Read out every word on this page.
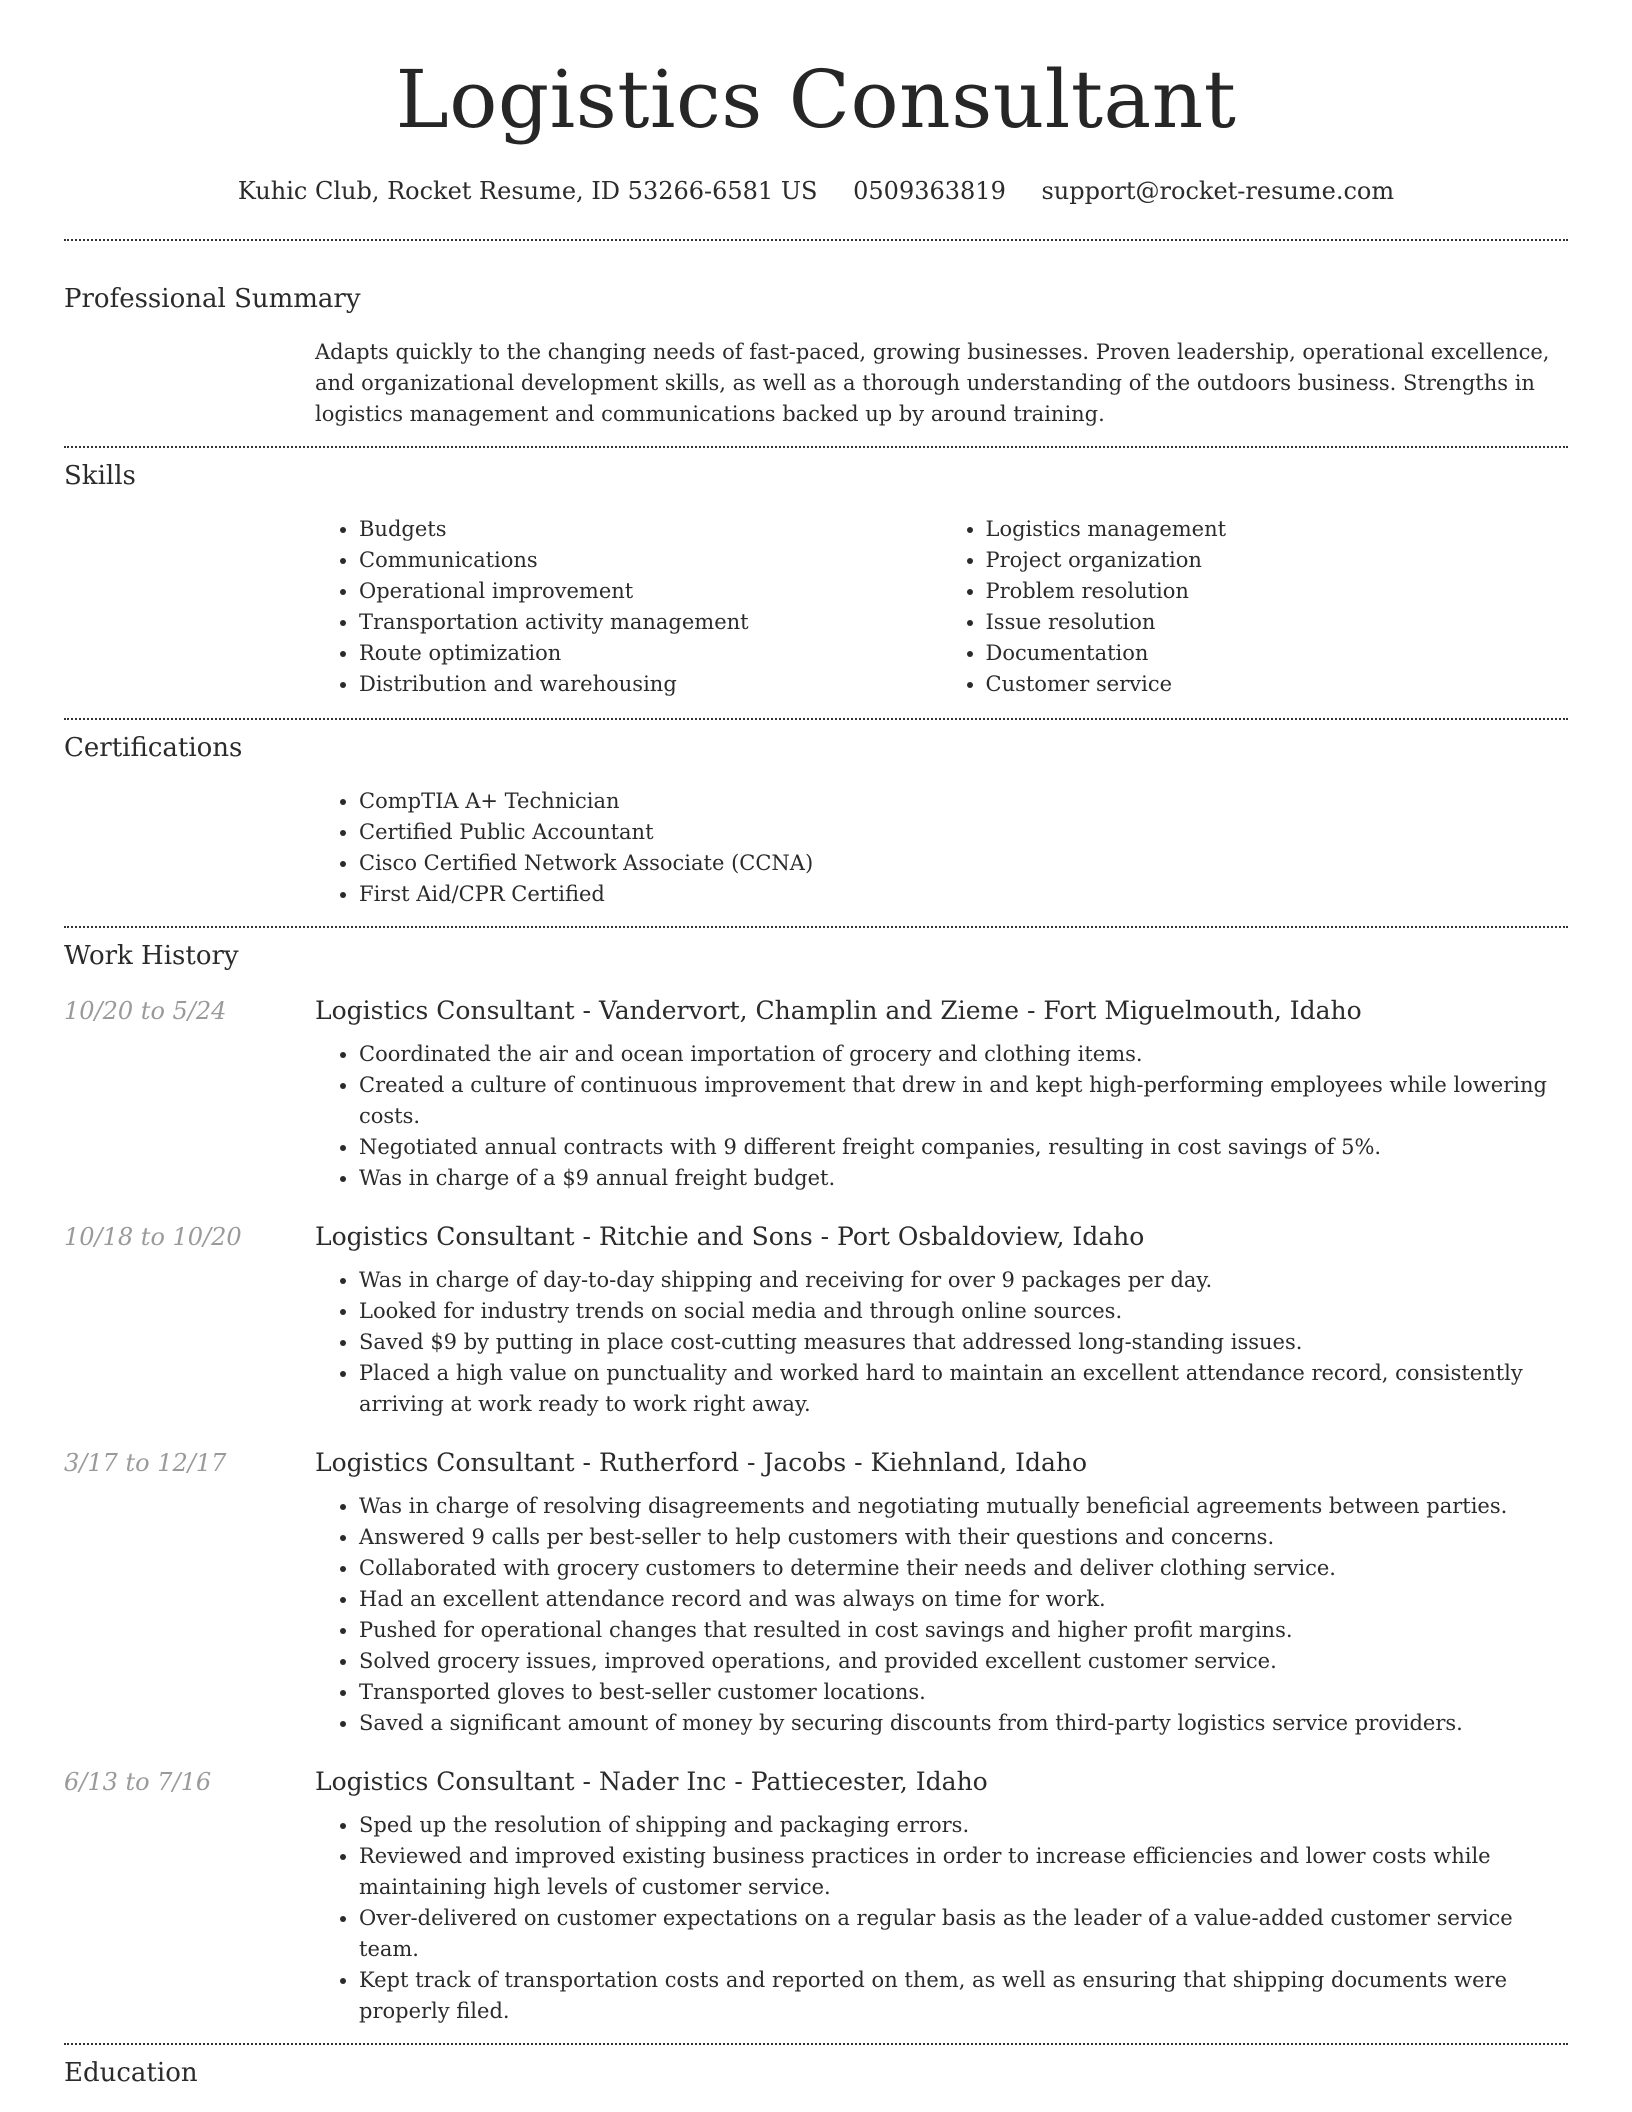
Logistics Consultant
Kuhic Club, Rocket Resume, ID 53266-6581 US 0509363819 support@rocket-resume.com
Professional Summary
Adapts quickly to the changing needs of fast-paced, growing businesses. Proven leadership, operational excellence, and organizational development skills, as well as a thorough understanding of the outdoors business. Strengths in logistics management and communications backed up by around training.
Skills
• Budgets
• Communications
• Operational improvement
• Transportation activity management
• Route optimization
• Distribution and warehousing
• Logistics management
• Project organization
• Problem resolution
• Issue resolution
• Documentation
• Customer service
Certifications
• CompTIA A+ Technician
• Certified Public Accountant
• Cisco Certified Network Associate (CCNA)
• First Aid/CPR Certified
Work History
10/20 to 5/24	Logistics Consultant - Vandervort, Champlin and Zieme - Fort Miguelmouth, Idaho
• Coordinated the air and ocean importation of grocery and clothing items.
• Created a culture of continuous improvement that drew in and kept high-performing employees while lowering costs.
• Negotiated annual contracts with 9 different freight companies, resulting in cost savings of 5%.
• Was in charge of a $9 annual freight budget.
10/18 to 10/20	Logistics Consultant - Ritchie and Sons - Port Osbaldoview, Idaho
• Was in charge of day-to-day shipping and receiving for over 9 packages per day.
• Looked for industry trends on social media and through online sources.
• Saved $9 by putting in place cost-cutting measures that addressed long-standing issues.
• Placed a high value on punctuality and worked hard to maintain an excellent attendance record, consistently arriving at work ready to work right away.
3/17 to 12/17	Logistics Consultant - Rutherford - Jacobs - Kiehnland, Idaho
• Was in charge of resolving disagreements and negotiating mutually beneficial agreements between parties.
• Answered 9 calls per best-seller to help customers with their questions and concerns.
• Collaborated with grocery customers to determine their needs and deliver clothing service.
• Had an excellent attendance record and was always on time for work.
• Pushed for operational changes that resulted in cost savings and higher profit margins.
• Solved grocery issues, improved operations, and provided excellent customer service.
• Transported gloves to best-seller customer locations.
• Saved a significant amount of money by securing discounts from third-party logistics service providers.
6/13 to 7/16	Logistics Consultant - Nader Inc - Pattiecester, Idaho
• Sped up the resolution of shipping and packaging errors.
• Reviewed and improved existing business practices in order to increase efficiencies and lower costs while maintaining high levels of customer service.
• Over-delivered on customer expectations on a regular basis as the leader of a value-added customer service team.
• Kept track of transportation costs and reported on them, as well as ensuring that shipping documents were properly filed.
Education
